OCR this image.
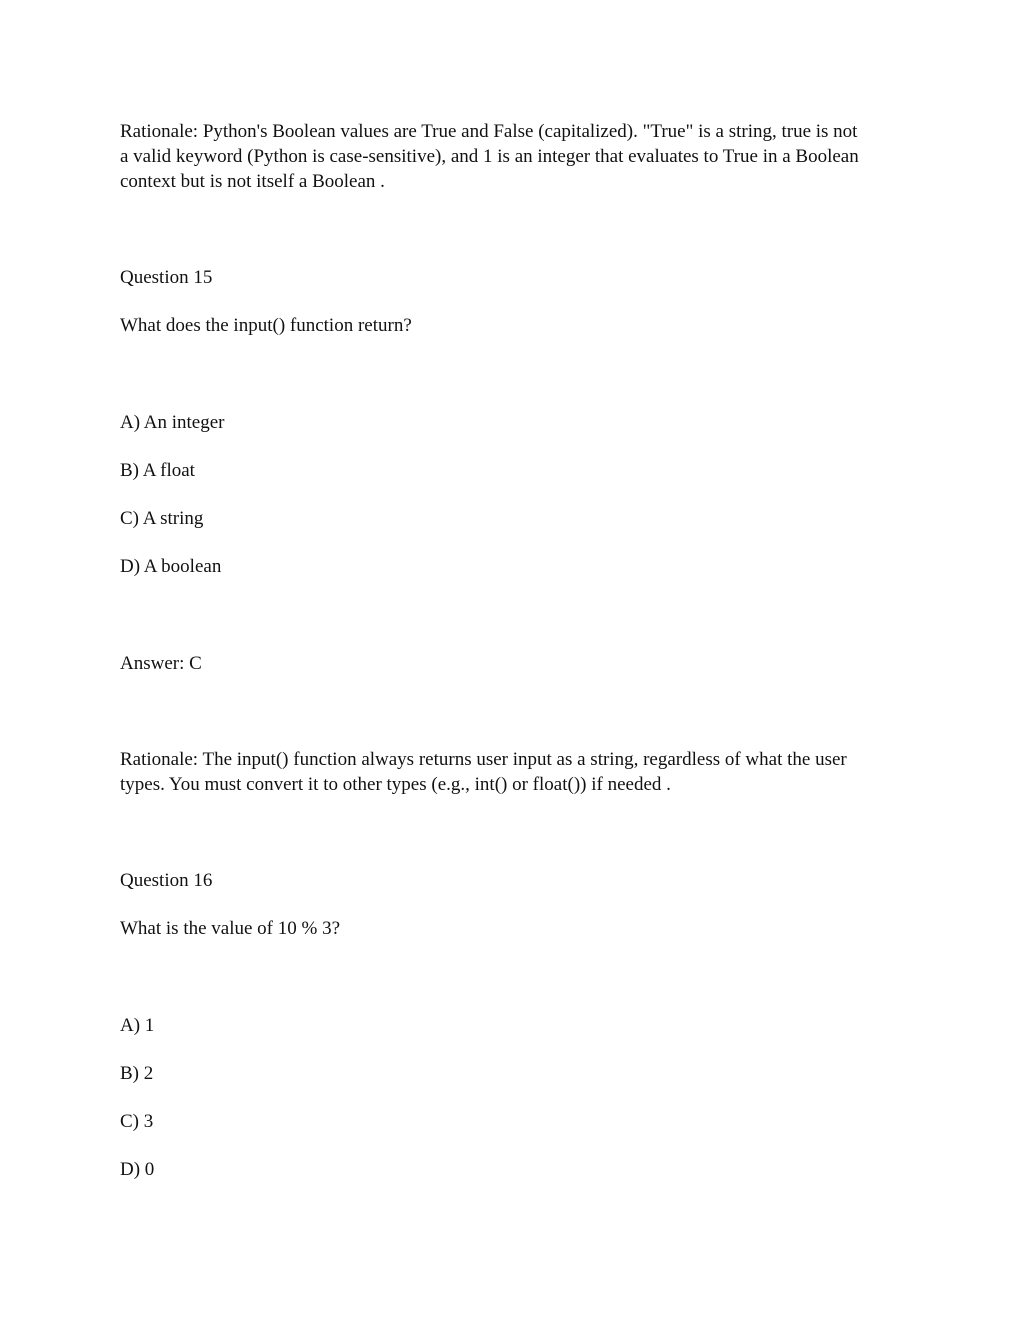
Rationale: Python's Boolean values are True and False (capitalized). "True" is a string, true is not
a valid keyword (Python is case-sensitive), and 1 is an integer that evaluates to True in a Boolean
context but is not itself a Boolean .
Question 15
What does the input() function return?
A) An integer
B) A float
C) A string
D) A boolean
Answer: C
Rationale: The input() function always returns user input as a string, regardless of what the user
types. You must convert it to other types (e.g., int() or float()) if needed .
Question 16
What is the value of 10 % 3?
A) 1
B) 2
C) 3
D) 0
